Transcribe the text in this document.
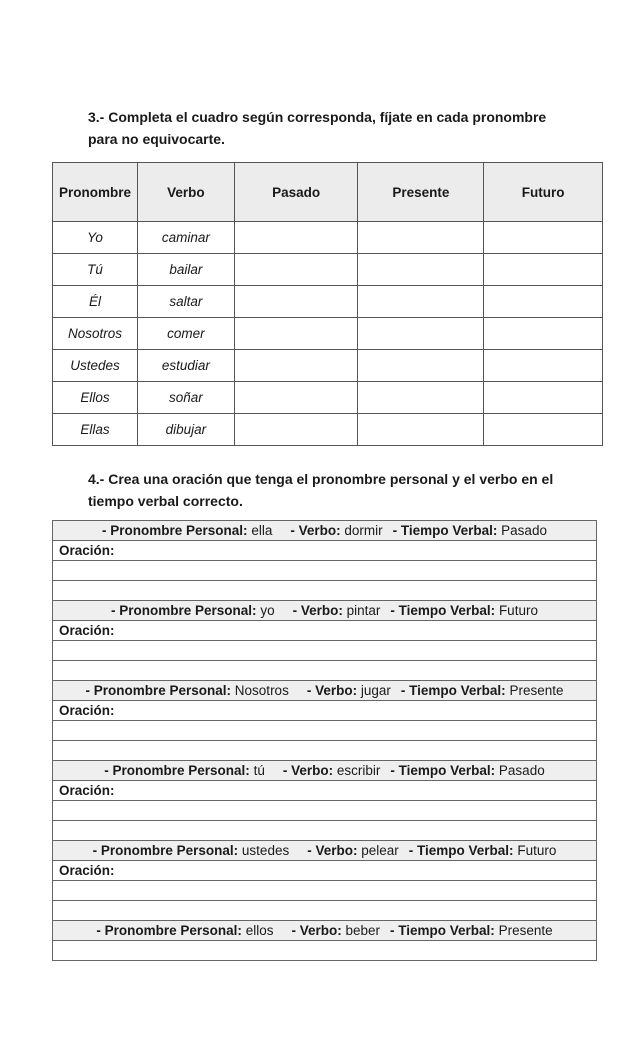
3.- Completa el cuadro según corresponda, fíjate en cada pronombre
para no equivocarte.
Pronombre	Verbo	Pasado	Presente	Futuro
Yo	caminar			
Tú	bailar			
Él	saltar			
Nosotros	comer			
Ustedes	estudiar			
Ellos	soñar			
Ellas	dibujar			
4.- Crea una oración que tenga el pronombre personal y el verbo en el
tiempo verbal correcto.
- Pronombre Personal: ella - Verbo: dormir - Tiempo Verbal: Pasado
Oración:

- Pronombre Personal: yo - Verbo: pintar - Tiempo Verbal: Futuro
Oración:

- Pronombre Personal: Nosotros - Verbo: jugar - Tiempo Verbal: Presente
Oración:

- Pronombre Personal: tú - Verbo: escribir - Tiempo Verbal: Pasado
Oración:

- Pronombre Personal: ustedes - Verbo: pelear - Tiempo Verbal: Futuro
Oración:

- Pronombre Personal: ellos - Verbo: beber - Tiempo Verbal: Presente
